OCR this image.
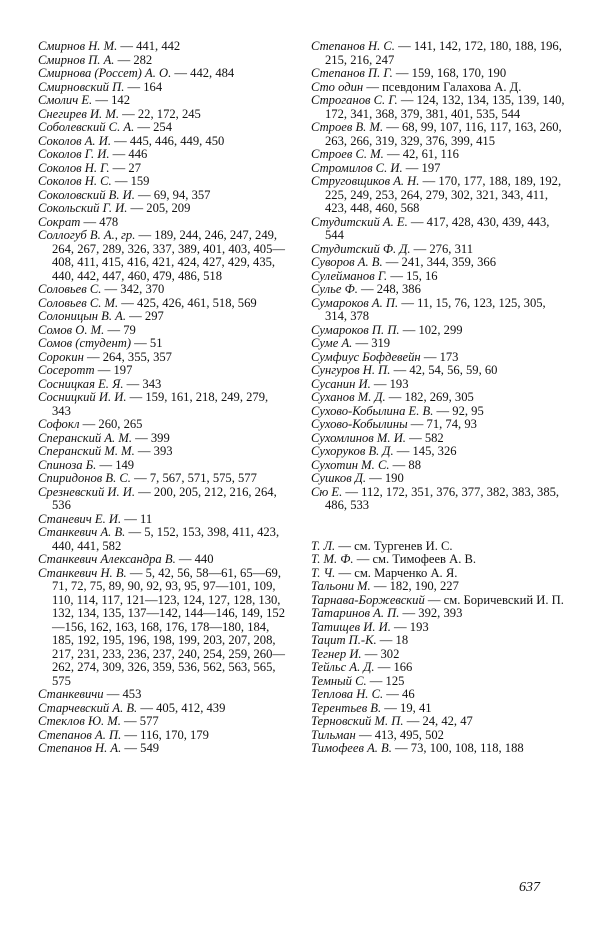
Смирнов Н. М. — 441, 442

Смирнов П. А. — 282

Смирнова (Россет) А. О. — 442, 484

Смирновский П. — 164

Смолич Е. — 142

Снегирев И. М. — 22, 172, 245

Соболевский С. А. — 254

Соколов А. И. — 445, 446, 449, 450

Соколов Г. И. — 446

Соколов Н. Г. — 27

Соколов Н. С. — 159

Соколовский В. И. — 69, 94, 357

Сокольский Г. И. — 205, 209

Сократ — 478

Соллогуб В. А., гр. — 189, 244, 246, 247, 249, 264, 267, 289, 326, 337, 389, 401, 403, 405—408, 411, 415, 416, 421, 424, 427, 429, 435, 440, 442, 447, 460, 479, 486, 518

Соловьев С. — 342, 370

Соловьев С. М. — 425, 426, 461, 518, 569

Солоницын В. А. — 297

Сомов О. М. — 79

Сомов (студент) — 51

Сорокин — 264, 355, 357

Сосеротт — 197

Сосницкая Е. Я. — 343

Сосницкий И. И. — 159, 161, 218, 249, 279, 343

Софокл — 260, 265

Сперанский А. М. — 399

Сперанский М. М. — 393

Спиноза Б. — 149

Спиридонов В. С. — 7, 567, 571, 575, 577

Срезневский И. И. — 200, 205, 212, 216, 264, 536

Станевич Е. И. — 11

Станкевич А. В. — 5, 152, 153, 398, 411, 423, 440, 441, 582

Станкевич Александра В. — 440

Станкевич Н. В. — 5, 42, 56, 58—61, 65—69, 71, 72, 75, 89, 90, 92, 93, 95, 97—101, 109, 110, 114, 117, 121—123, 124, 127, 128, 130, 132, 134, 135, 137—142, 144—146, 149, 152—156, 162, 163, 168, 176, 178—180, 184, 185, 192, 195, 196, 198, 199, 203, 207, 208, 217, 231, 233, 236, 237, 240, 254, 259, 260—262, 274, 309, 326, 359, 536, 562, 563, 565, 575

Станкевичи — 453

Старчевский А. В. — 405, 412, 439

Стеклов Ю. М. — 577

Степанов А. П. — 116, 170, 179

Степанов Н. А. — 549

Степанов Н. С. — 141, 142, 172, 180, 188, 196, 215, 216, 247

Степанов П. Г. — 159, 168, 170, 190

Сто один — псевдоним Галахова А. Д.

Строганов С. Г. — 124, 132, 134, 135, 139, 140, 172, 341, 368, 379, 381, 401, 535, 544

Строев В. М. — 68, 99, 107, 116, 117, 163, 260, 263, 266, 319, 329, 376, 399, 415

Строев С. М. — 42, 61, 116

Стромилов С. И. — 197

Струговщиков А. Н. — 170, 177, 188, 189, 192, 225, 249, 253, 264, 279, 302, 321, 343, 411, 423, 448, 460, 568

Студитский А. Е. — 417, 428, 430, 439, 443, 544

Студитский Ф. Д. — 276, 311

Суворов А. В. — 241, 344, 359, 366

Сулейманов Г. — 15, 16

Сулье Ф. — 248, 386

Сумароков А. П. — 11, 15, 76, 123, 125, 305, 314, 378

Сумароков П. П. — 102, 299

Суме А. — 319

Сумфиус Бофдевейн — 173

Сунгуров Н. П. — 42, 54, 56, 59, 60

Сусанин И. — 193

Суханов М. Д. — 182, 269, 305

Сухово-Кобылина Е. В. — 92, 95

Сухово-Кобылины — 71, 74, 93

Сухомлинов М. И. — 582

Сухоруков В. Д. — 145, 326

Сухотин М. С. — 88

Сушков Д. — 190

Сю Е. — 112, 172, 351, 376, 377, 382, 383, 385, 486, 533

Т. Л. — см. Тургенев И. С.

Т. М. Ф. — см. Тимофеев А. В.

Т. Ч. — см. Марченко А. Я.

Тальони М. — 182, 190, 227

Тарнава-Боржевский — см. Боричевский И. П.

Татаринов А. П. — 392, 393

Татищев И. И. — 193

Тацит П.-К. — 18

Тегнер И. — 302

Тейльс А. Д. — 166

Темный С. — 125

Теплова Н. С. — 46

Терентьев В. — 19, 41

Терновский М. П. — 24, 42, 47

Тильман — 413, 495, 502

Тимофеев А. В. — 73, 100, 108, 118, 188

637
